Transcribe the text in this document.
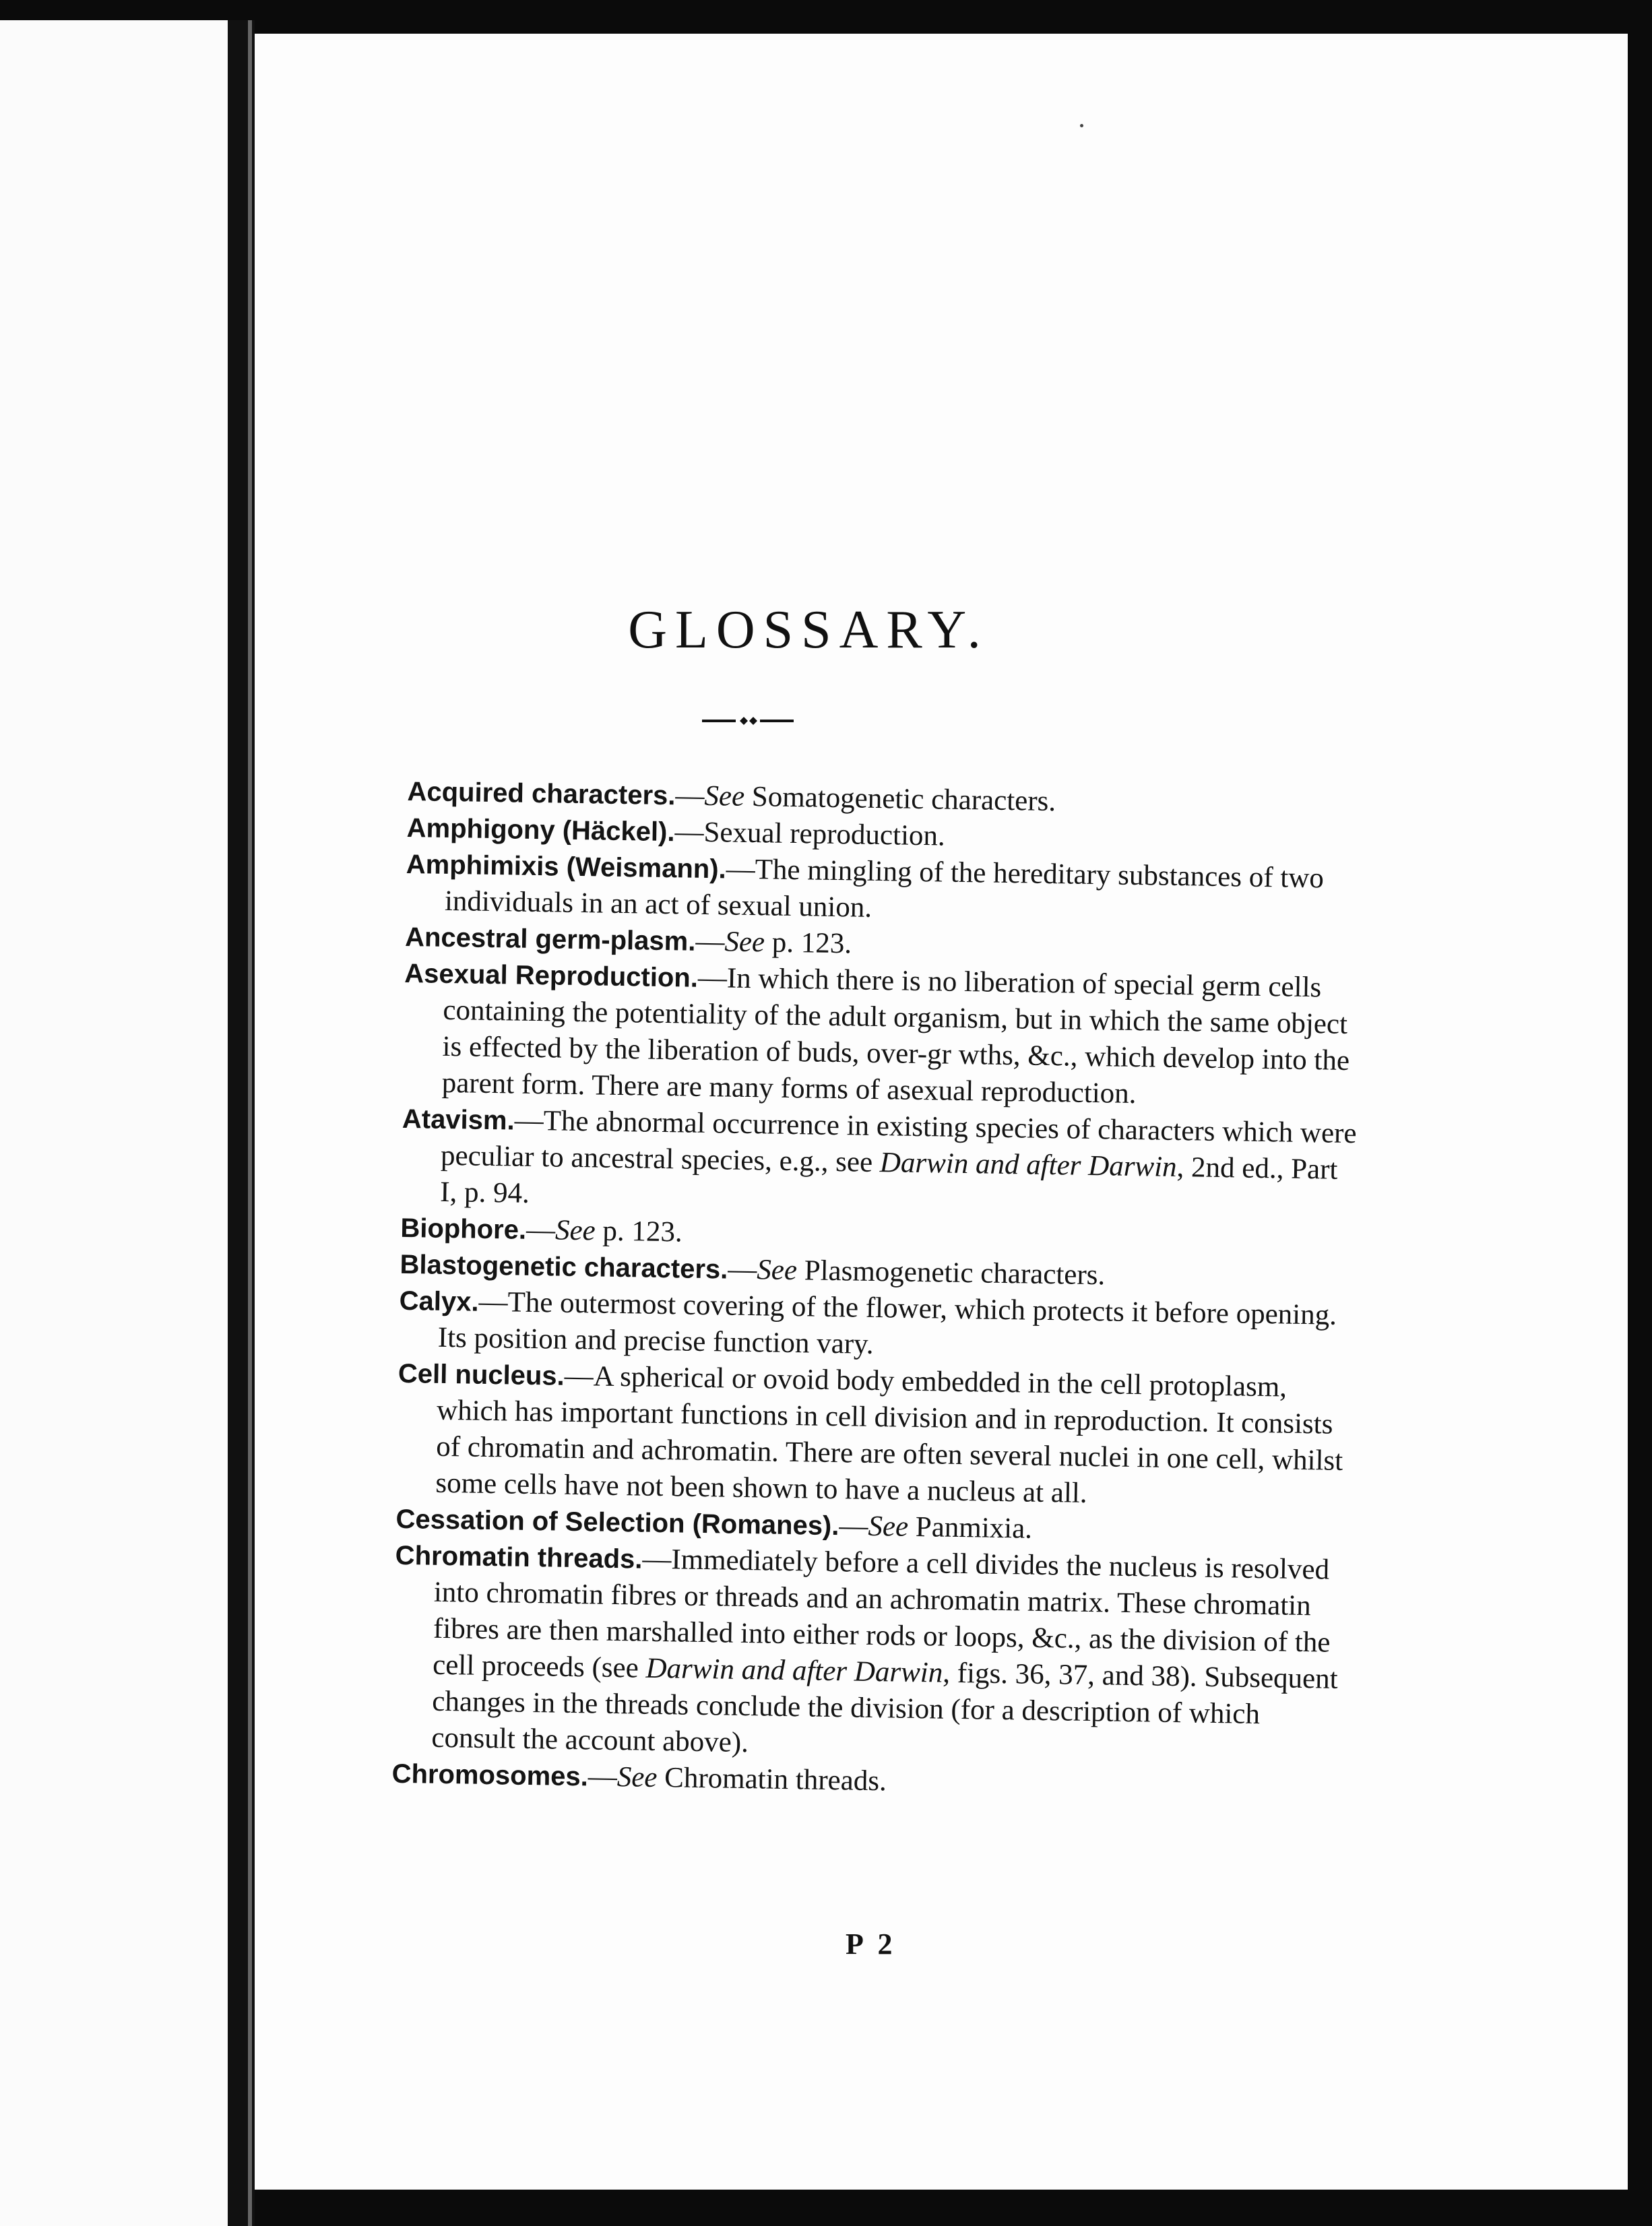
GLOSSARY.

Acquired characters.—See Somatogenetic characters.

Amphigony (Häckel).—Sexual reproduction.

Amphimixis (Weismann).—The mingling of the hereditary substances of two individuals in an act of sexual union.

Ancestral germ-plasm.—See p. 123.

Asexual Reproduction.—In which there is no liberation of special germ cells containing the potentiality of the adult organism, but in which the same object is effected by the liberation of buds, over-gr wths, &c., which develop into the parent form. There are many forms of asexual reproduction.

Atavism.—The abnormal occurrence in existing species of characters which were peculiar to ancestral species, e.g., see Darwin and after Darwin, 2nd ed., Part I, p. 94.

Biophore.—See p. 123.

Blastogenetic characters.—See Plasmogenetic characters.

Calyx.—The outermost covering of the flower, which protects it before opening. Its position and precise function vary.

Cell nucleus.—A spherical or ovoid body embedded in the cell protoplasm, which has important functions in cell division and in reproduction. It consists of chromatin and achromatin. There are often several nuclei in one cell, whilst some cells have not been shown to have a nucleus at all.

Cessation of Selection (Romanes).—See Panmixia.

Chromatin threads.—Immediately before a cell divides the nucleus is resolved into chromatin fibres or threads and an achromatin matrix. These chromatin fibres are then marshalled into either rods or loops, &c., as the division of the cell proceeds (see Darwin and after Darwin, figs. 36, 37, and 38). Subsequent changes in the threads conclude the division (for a description of which consult the account above).

Chromosomes.—See Chromatin threads.

P 2
